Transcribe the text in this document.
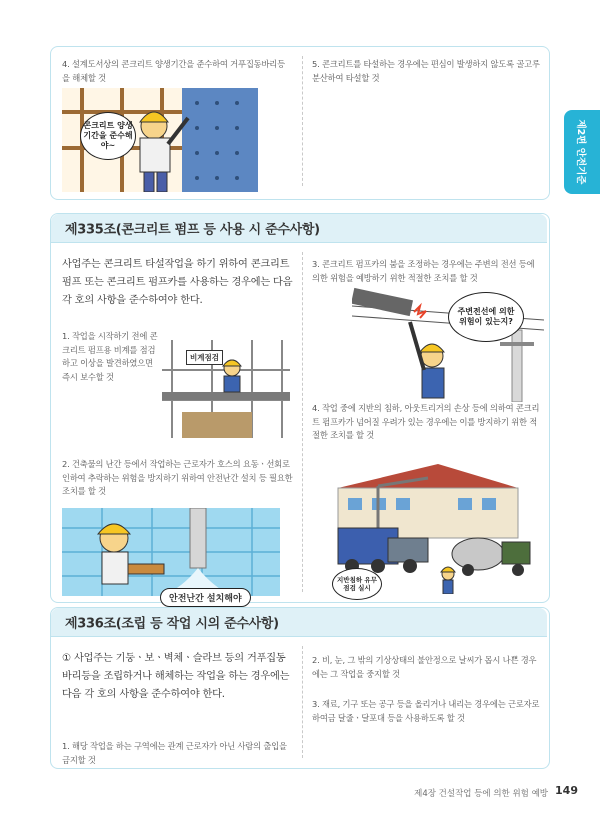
제2편 안전기준
4. 설계도서상의 콘크리트 양생기간을 준수하여 거푸집동바리등을 해체할 것
5. 콘크리트를 타설하는 경우에는 편심이 발생하지 않도록 골고루 분산하여 타설할 것
콘크리트 양생기간을 준수해야~
제335조(콘크리트 펌프 등 사용 시 준수사항)
사업주는 콘크리트 타설작업을 하기 위하여 콘크리트 펌프 또는 콘크리트 펌프카를 사용하는 경우에는 다음 각 호의 사항을 준수하여야 한다.
1. 작업을 시작하기 전에 콘크리트 펌프용 비계를 점검하고 이상을 발견하였으면 즉시 보수할 것
비계점검
2. 건축물의 난간 등에서 작업하는 근로자가 호스의 요동ㆍ선회로 인하여 추락하는 위험을 방지하기 위하여 안전난간 설치 등 필요한 조치를 할 것
안전난간 설치해야
3. 콘크리트 펌프카의 붐을 조정하는 경우에는 주변의 전선 등에 의한 위험을 예방하기 위한 적절한 조치를 할 것
주변전선에 의한 위험이 있는지?
4. 작업 중에 지반의 침하, 아웃트리거의 손상 등에 의하여 콘크리트 펌프카가 넘어질 우려가 있는 경우에는 이를 방지하기 위한 적절한 조치를 할 것
지반침하 유무 점검 실시
제336조(조립 등 작업 시의 준수사항)
① 사업주는 기둥ㆍ보ㆍ벽체ㆍ슬라브 등의 거푸집동바리등을 조립하거나 해체하는 작업을 하는 경우에는 다음 각 호의 사항을 준수하여야 한다.
1. 해당 작업을 하는 구역에는 관계 근로자가 아닌 사람의 출입을 금지할 것
2. 비, 눈, 그 밖의 기상상태의 불안정으로 날씨가 몹시 나쁜 경우에는 그 작업을 중지할 것
3. 재료, 기구 또는 공구 등을 올리거나 내리는 경우에는 근로자로 하여금 달줄ㆍ달포대 등을 사용하도록 할 것
제4장 건설작업 등에 의한 위험 예방 149
